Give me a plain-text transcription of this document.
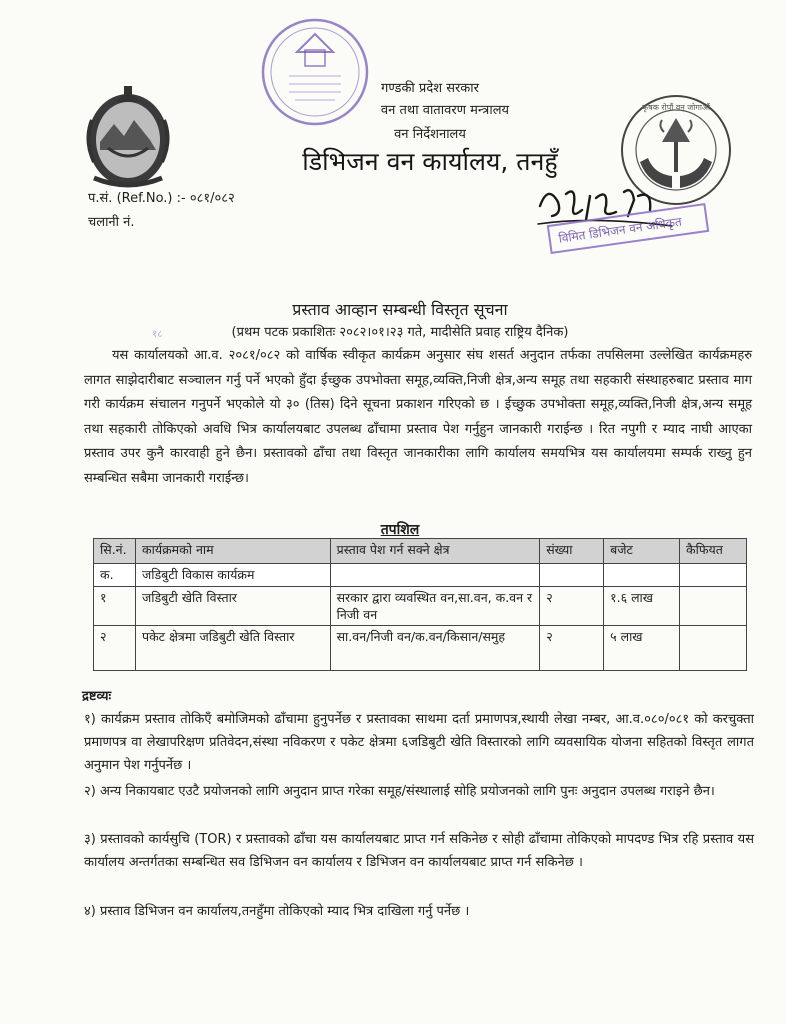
गण्डकी प्रदेश सरकार
वन तथा वातावरण मन्त्रालय
वन निर्देशनालय
डिभिजन वन कार्यालय, तनहुँ
कृषक रोपौं वन जोगाऔं
विमित डिभिजन वन अधिकृत
प.सं. (Ref.No.) :- ०८१/०८२
चलानी नं.
प्रस्ताव आव्हान सम्बन्धी विस्तृत सूचना
१८	(प्रथम पटक प्रकाशितः २०८२।०१।२३ गते, मादीसेति प्रवाह राष्ट्रिय दैनिक)

यस कार्यालयको आ.व. २०८१/०८२ को वार्षिक स्वीकृत कार्यक्रम अनुसार संघ शसर्त अनुदान तर्फका तपसिलमा उल्लेखित कार्यक्रमहरु लागत साझेदारीबाट सञ्चालन गर्नु पर्ने भएको हुँदा ईच्छुक उपभोक्ता समूह,व्यक्ति,निजी क्षेत्र,अन्य समूह तथा सहकारी संस्थाहरुबाट प्रस्ताव माग गरी कार्यक्रम संचालन गनुपर्ने भएकोले यो ३० (तिस) दिने सूचना प्रकाशन गरिएको छ । ईच्छुक उपभोक्ता समूह,व्यक्ति,निजी क्षेत्र,अन्य समूह तथा सहकारी तोकिएको अवधि भित्र कार्यालयबाट उपलब्ध ढाँचामा प्रस्ताव पेश गर्नुहुन जानकारी गराईन्छ । रित नपुगी र म्याद नाघी आएका प्रस्ताव उपर कुनै कारवाही हुने छैन। प्रस्तावको ढाँचा तथा विस्तृत जानकारीका लागि कार्यालय समयभित्र यस कार्यालयमा सम्पर्क राख्नु हुन सम्बन्धित सबैमा जानकारी गराईन्छ।

तपशिल
सि.नं.	कार्यक्रमको नाम	प्रस्ताव पेश गर्न सक्ने क्षेत्र	संख्या	बजेट	कैफियत
क.	जडिबुटी विकास कार्यक्रम				
१	जडिबुटी खेति विस्तार	सरकार द्वारा व्यवस्थित वन,सा.वन, क.वन र निजी वन	२	१.६ लाख	
२	पकेट क्षेत्रमा जडिबुटी खेति विस्तार	सा.वन/निजी वन/क.वन/किसान/समुह	२	५ लाख	
द्रष्टव्यः

१) कार्यक्रम प्रस्ताव तोकिएँ बमोजिमको ढाँचामा हुनुपर्नेछ र प्रस्तावका साथमा दर्ता प्रमाणपत्र,स्थायी लेखा नम्बर, आ.व.०८०/०८१ को करचुक्ता प्रमाणपत्र वा लेखापरिक्षण प्रतिवेदन,संस्था नविकरण र पकेट क्षेत्रमा ६जडिबुटी खेति विस्तारको लागि व्यवसायिक योजना सहितको विस्तृत लागत अनुमान पेश गर्नुपर्नेछ ।

२) अन्य निकायबाट एउटै प्रयोजनको लागि अनुदान प्राप्त गरेका समूह/संस्थालाई सोहि प्रयोजनको लागि पुनः अनुदान उपलब्ध गराइने छैन।

३) प्रस्तावको कार्यसुचि (TOR) र प्रस्तावको ढाँचा यस कार्यालयबाट प्राप्त गर्न सकिनेछ र सोही ढाँचामा तोकिएको मापदण्ड भित्र रहि प्रस्ताव यस कार्यालय अन्तर्गतका सम्बन्धित सव डिभिजन वन कार्यालय र डिभिजन वन कार्यालयबाट प्राप्त गर्न सकिनेछ ।

४) प्रस्ताव डिभिजन वन कार्यालय,तनहुँमा तोकिएको म्याद भित्र दाखिला गर्नु पर्नेछ ।
